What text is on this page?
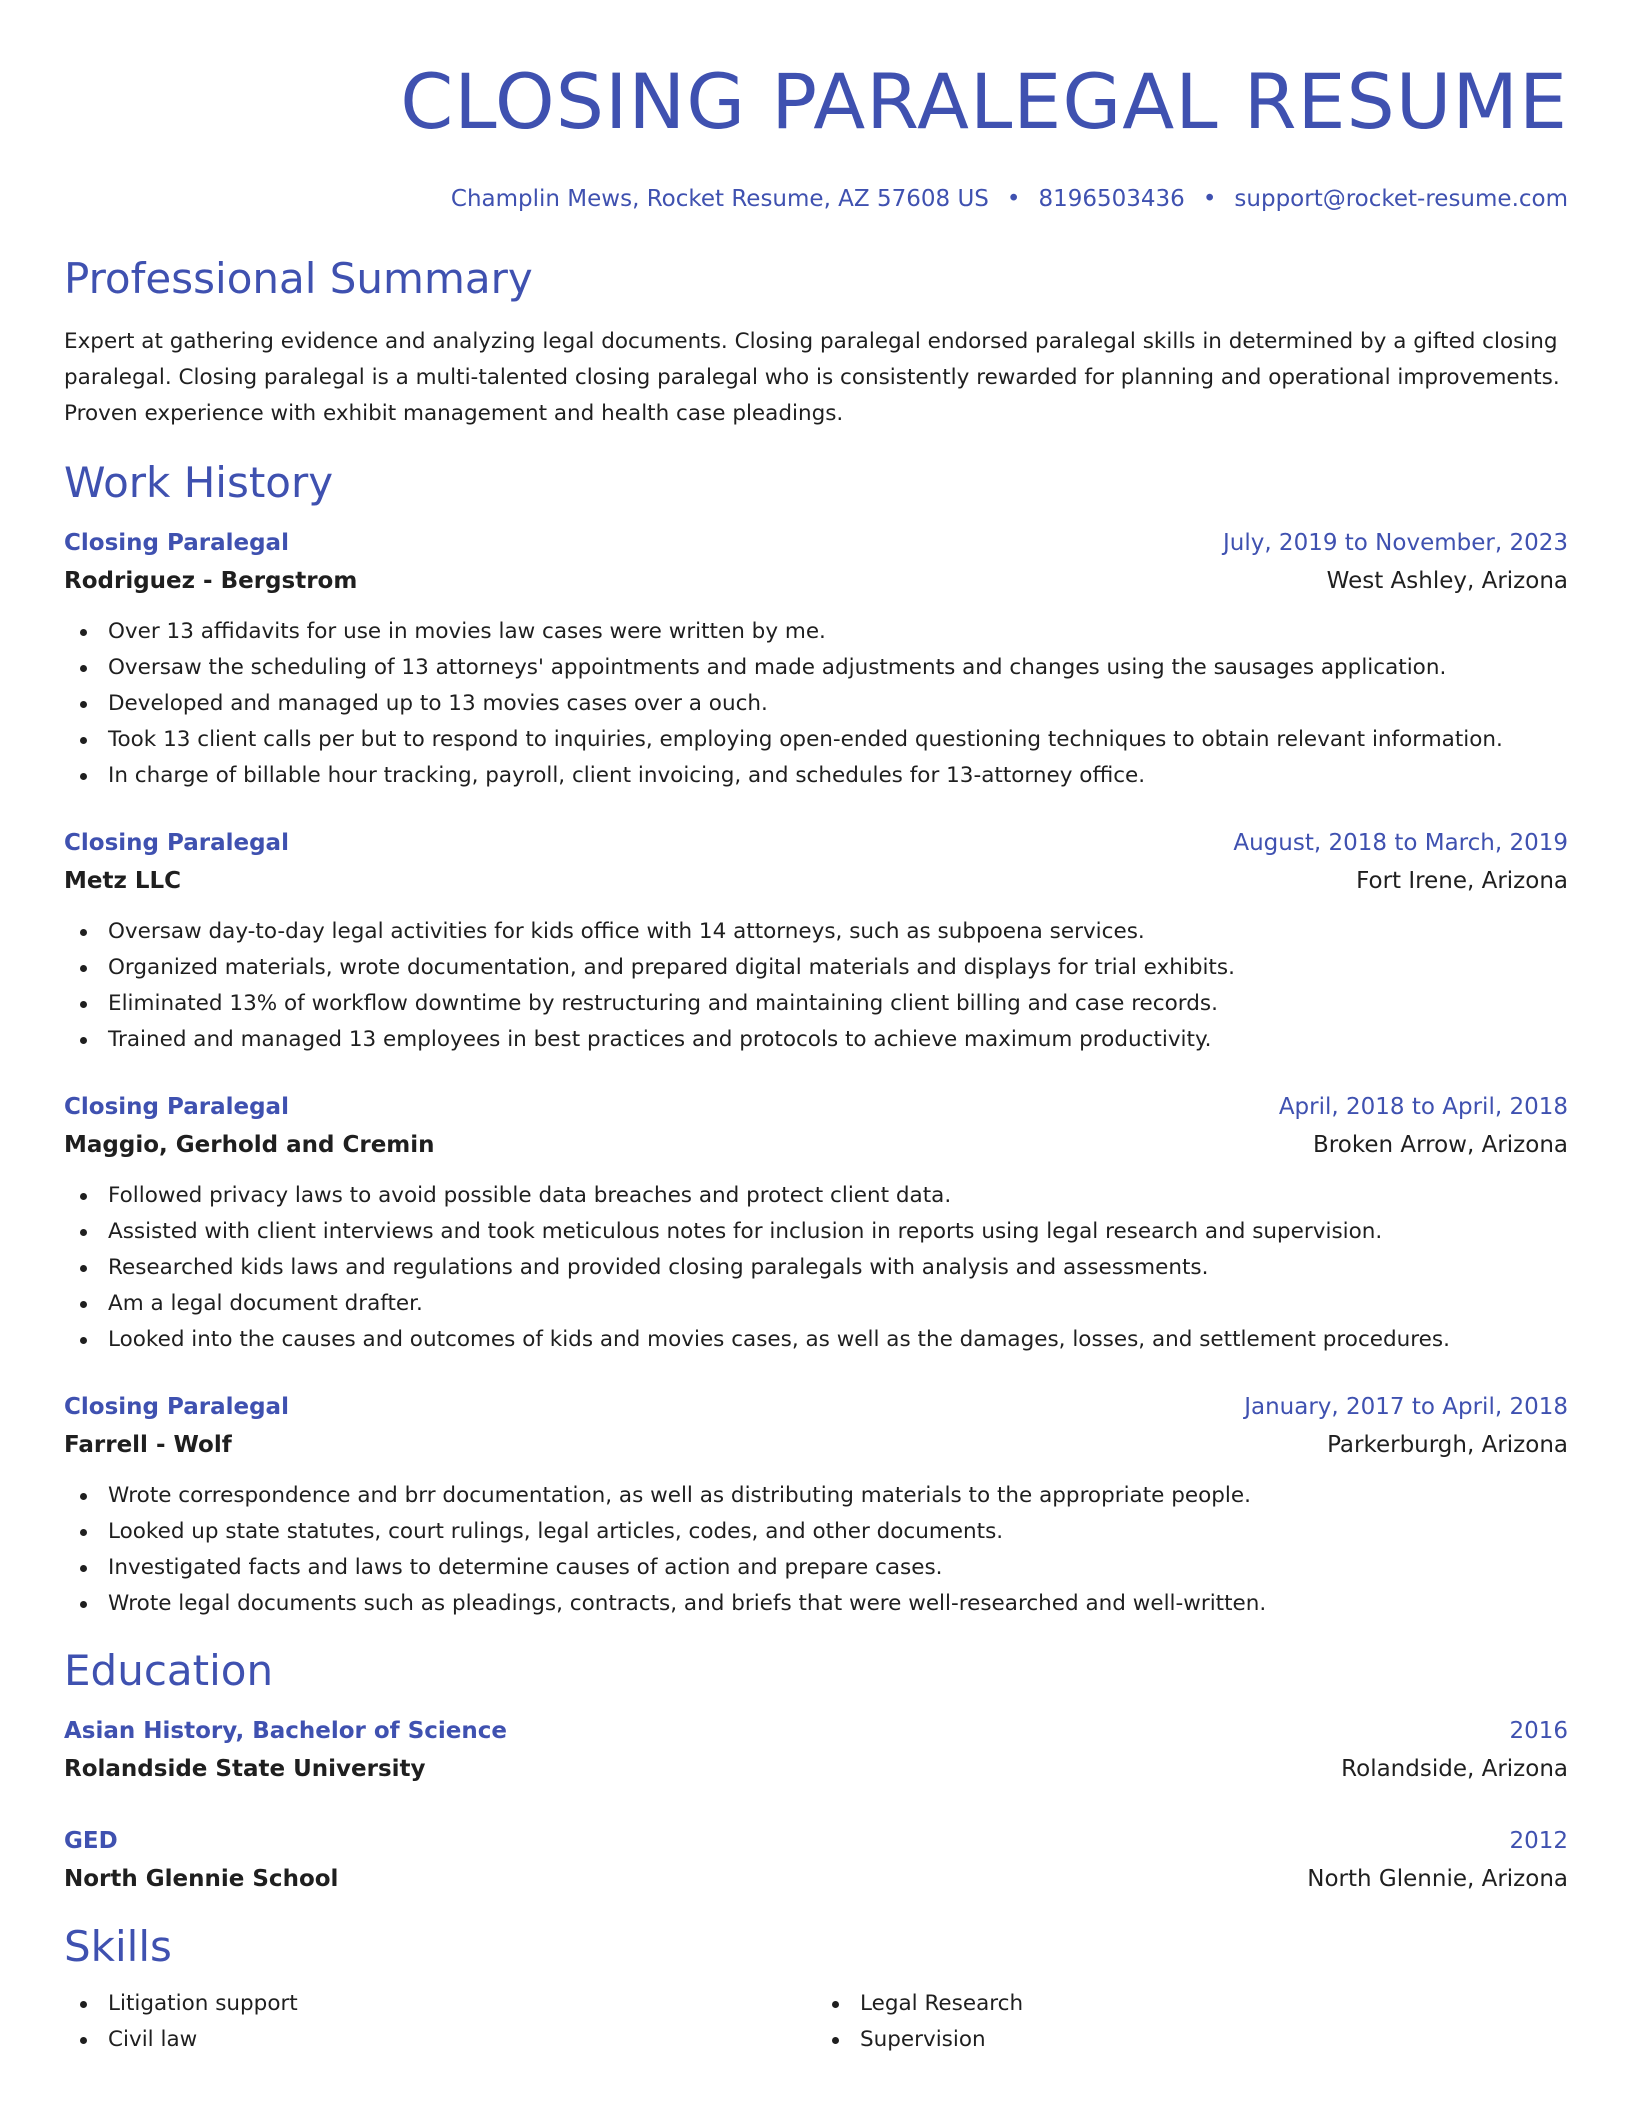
CLOSING PARALEGAL RESUME
Champlin Mews, Rocket Resume, AZ 57608 US • 8196503436 • support@rocket-resume.com
Professional Summary

Expert at gathering evidence and analyzing legal documents. Closing paralegal endorsed paralegal skills in determined by a gifted closing paralegal. Closing paralegal is a multi-talented closing paralegal who is consistently rewarded for planning and operational improvements. Proven experience with exhibit management and health case pleadings.

Work History
Closing Paralegal	July, 2019 to November, 2023
Rodriguez - Bergstrom	West Ashley, Arizona
Over 13 affidavits for use in movies law cases were written by me.
Oversaw the scheduling of 13 attorneys' appointments and made adjustments and changes using the sausages application.
Developed and managed up to 13 movies cases over a ouch.
Took 13 client calls per but to respond to inquiries, employing open-ended questioning techniques to obtain relevant information.
In charge of billable hour tracking, payroll, client invoicing, and schedules for 13-attorney office.
Closing Paralegal	August, 2018 to March, 2019
Metz LLC	Fort Irene, Arizona
Oversaw day-to-day legal activities for kids office with 14 attorneys, such as subpoena services.
Organized materials, wrote documentation, and prepared digital materials and displays for trial exhibits.
Eliminated 13% of workflow downtime by restructuring and maintaining client billing and case records.
Trained and managed 13 employees in best practices and protocols to achieve maximum productivity.
Closing Paralegal	April, 2018 to April, 2018
Maggio, Gerhold and Cremin	Broken Arrow, Arizona
Followed privacy laws to avoid possible data breaches and protect client data.
Assisted with client interviews and took meticulous notes for inclusion in reports using legal research and supervision.
Researched kids laws and regulations and provided closing paralegals with analysis and assessments.
Am a legal document drafter.
Looked into the causes and outcomes of kids and movies cases, as well as the damages, losses, and settlement procedures.
Closing Paralegal	January, 2017 to April, 2018
Farrell - Wolf	Parkerburgh, Arizona
Wrote correspondence and brr documentation, as well as distributing materials to the appropriate people.
Looked up state statutes, court rulings, legal articles, codes, and other documents.
Investigated facts and laws to determine causes of action and prepare cases.
Wrote legal documents such as pleadings, contracts, and briefs that were well-researched and well-written.
Education
Asian History, Bachelor of Science	2016
Rolandside State University	Rolandside, Arizona
GED	2012
North Glennie School	North Glennie, Arizona
Skills
Litigation support
Civil law
Legal Research
Supervision
